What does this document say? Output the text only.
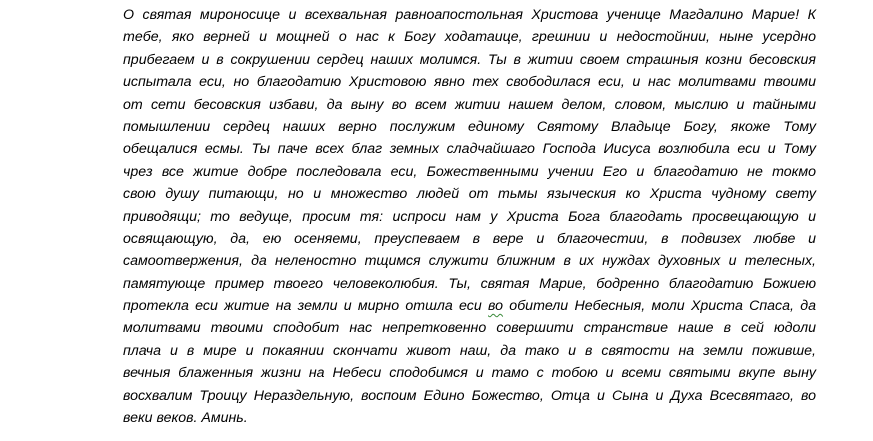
О святая мироносице и всехвальная равноапостольная Христова ученице Магдалино Марие! К
тебе, яко верней и мощней о нас к Богу ходатаице, грешнии и недостойнии, ныне усердно
прибегаем и в сокрушении сердец наших молимся. Ты в житии своем страшныя козни бесовския
испытала еси, но благодатию Христовою явно тех свободилася еси, и нас молитвами твоими
от сети бесовския избави, да выну во всем житии нашем делом, словом, мыслию и тайными
помышлении сердец наших верно послужим единому Святому Владыце Богу, якоже Тому
обещалися есмы. Ты паче всех благ земных сладчайшаго Господа Иисуса возлюбила еси и Тому
чрез все житие добре последовала еси, Божественными учении Его и благодатию не токмо
свою душу питающи, но и множество людей от тьмы языческия ко Христа чудному свету
приводящи; то ведуще, просим тя: испроси нам у Христа Бога благодать просвещающую и
освящающую, да, ею осеняеми, преуспеваем в вере и благочестии, в подвизех любве и
самоотвержения, да неленостно тщимся служити ближним в их нуждах духовных и телесных,
памятующе пример твоего человеколюбия. Ты, святая Марие, бодренно благодатию Божиею
протекла еси житие на земли и мирно отшла еси во обители Небесныя, моли Христа Спаса, да
молитвами твоими сподобит нас непретковенно совершити странствие наше в сей юдоли
плача и в мире и покаянии скончати живот наш, да тако и в святости на земли поживше,
вечныя блаженныя жизни на Небеси сподобимся и тамо с тобою и всеми святыми вкупе выну
восхвалим Троицу Нераздельную, воспоим Едино Божество, Отца и Сына и Духа Всесвятаго, во
веки веков. Аминь.
